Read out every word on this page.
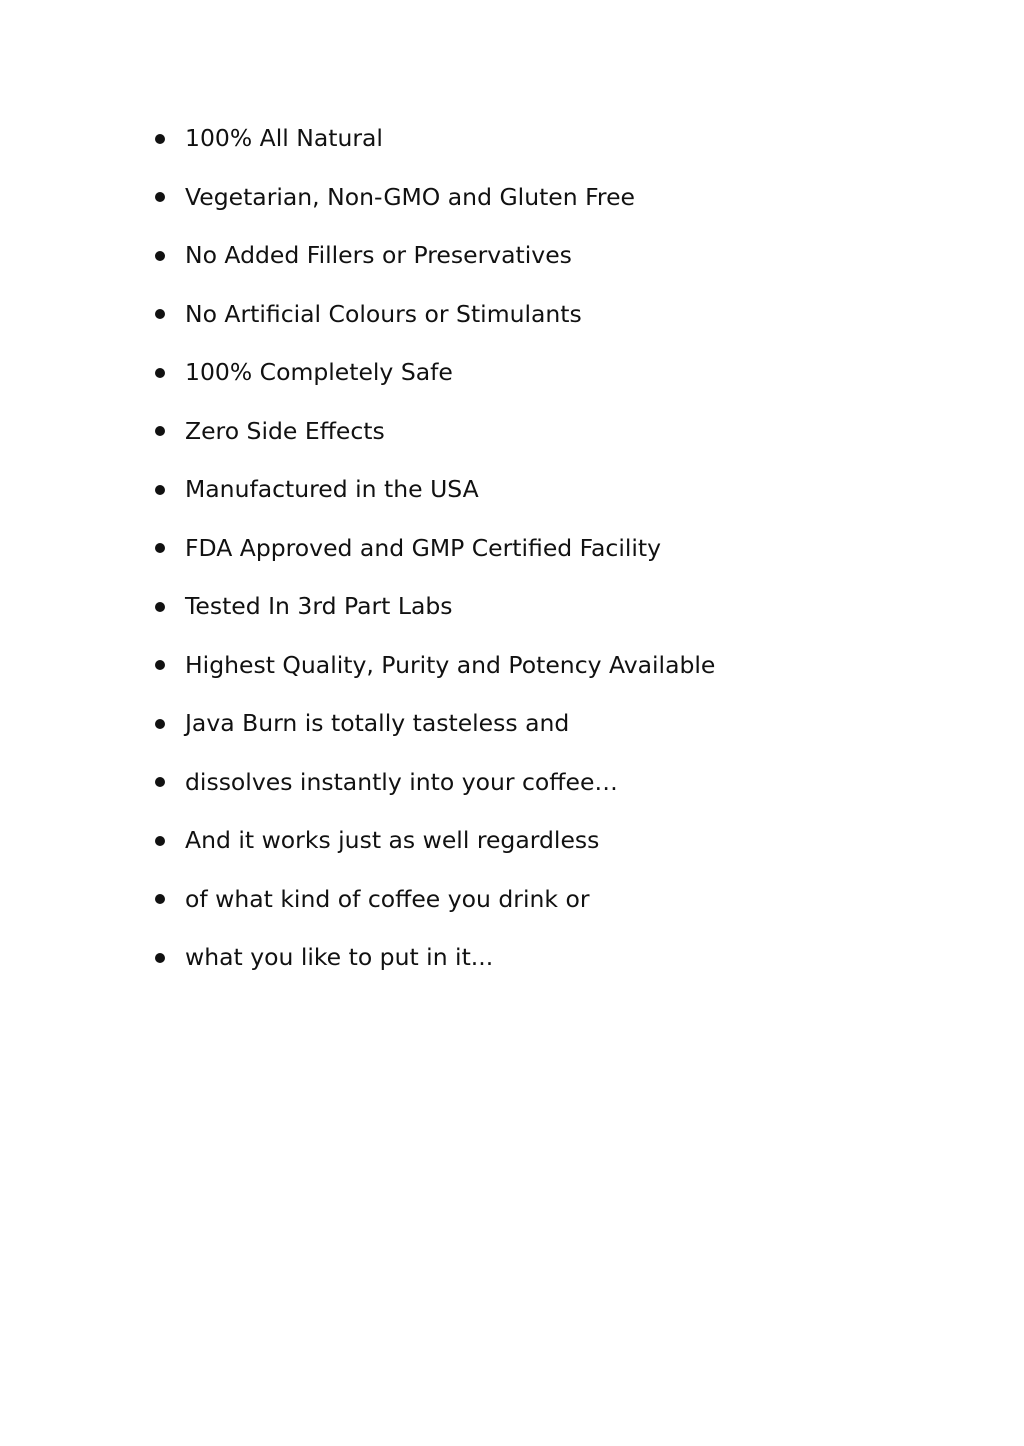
100% All Natural
Vegetarian, Non-GMO and Gluten Free
No Added Fillers or Preservatives
No Artificial Colours or Stimulants
100% Completely Safe
Zero Side Effects
Manufactured in the USA
FDA Approved and GMP Certified Facility
Tested In 3rd Part Labs
Highest Quality, Purity and Potency Available
Java Burn is totally tasteless and
dissolves instantly into your coffee…
And it works just as well regardless
of what kind of coffee you drink or
what you like to put in it...
